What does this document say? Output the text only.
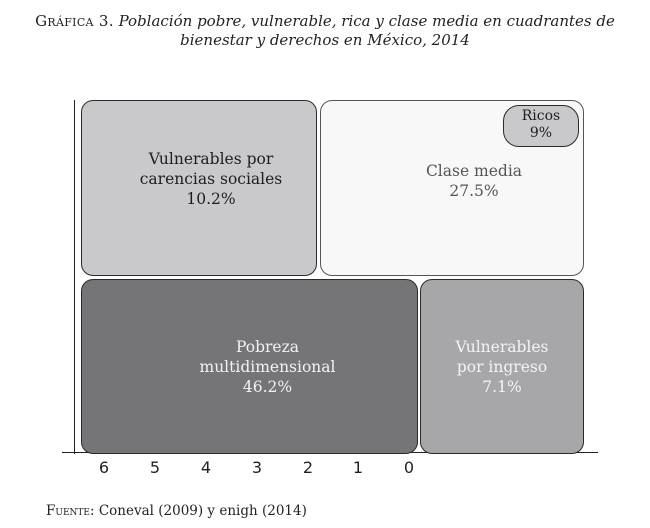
Gráfica 3. Población pobre, vulnerable, rica y clase media en cuadrantes de
bienestar y derechos en México, 2014
Vulnerables por
carencias sociales
10.2%
Clase media
27.5%
Ricos
9%
Pobreza
multidimensional
46.2%
Vulnerables
por ingreso
7.1%
6	5	4	3	2	1	0
Fuente: Coneval (2009) y enigh (2014)
